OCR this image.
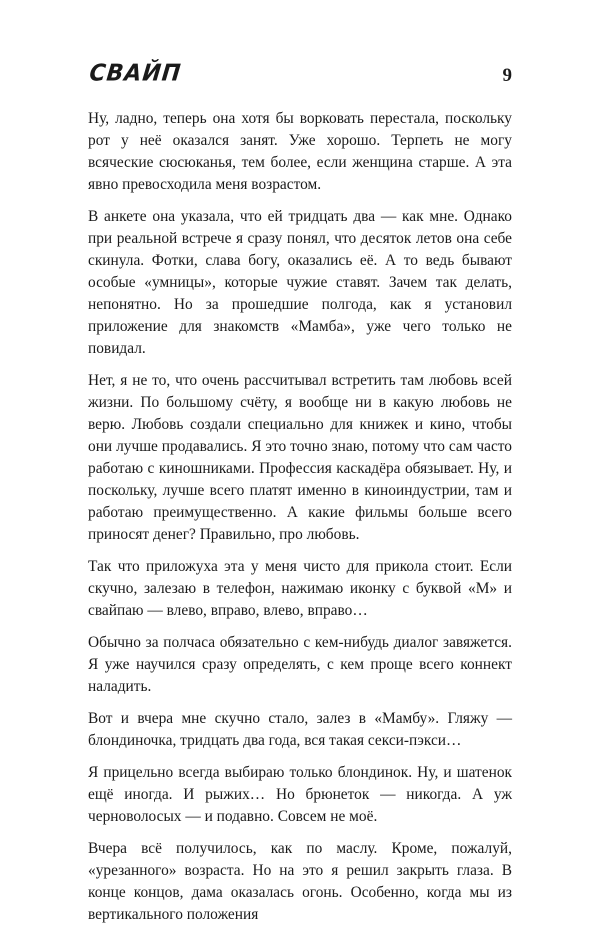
СВАЙП	9

Ну, ладно, теперь она хотя бы ворковать перестала, поскольку рот у неё оказался занят. Уже хорошо. Терпеть не могу всяческие сюсюканья, тем более, если женщина старше. А эта явно превосходила меня возрастом.

В анкете она указала, что ей тридцать два — как мне. Однако при реальной встрече я сразу понял, что десяток летов она себе скинула. Фотки, слава богу, оказались её. А то ведь бывают особые «умницы», которые чужие ставят. Зачем так делать, непонятно. Но за прошедшие полгода, как я установил приложение для знакомств «Мамба», уже чего только не повидал.

Нет, я не то, что очень рассчитывал встретить там любовь всей жизни. По большому счёту, я вообще ни в какую любовь не верю. Любовь создали специально для книжек и кино, чтобы они лучше продавались. Я это точно знаю, потому что сам часто работаю с киношниками. Профессия каскадёра обязывает. Ну, и поскольку, лучше всего платят именно в киноиндустрии, там и работаю преимущественно. А какие фильмы больше всего приносят денег? Правильно, про любовь.

Так что приложуха эта у меня чисто для прикола стоит. Если скучно, залезаю в телефон, нажимаю иконку с буквой «М» и свайпаю — влево, вправо, влево, вправо…

Обычно за полчаса обязательно с кем-нибудь диалог завяжется. Я уже научился сразу определять, с кем проще всего коннект наладить.

Вот и вчера мне скучно стало, залез в «Мамбу». Гляжу — блондиночка, тридцать два года, вся такая секси-пэкси…

Я прицельно всегда выбираю только блондинок. Ну, и шатенок ещё иногда. И рыжих… Но брюнеток — никогда. А уж черноволосых — и подавно. Совсем не моё.

Вчера всё получилось, как по маслу. Кроме, пожалуй, «урезанного» возраста. Но на это я решил закрыть глаза. В конце концов, дама оказалась огонь. Особенно, когда мы из вертикального положения
